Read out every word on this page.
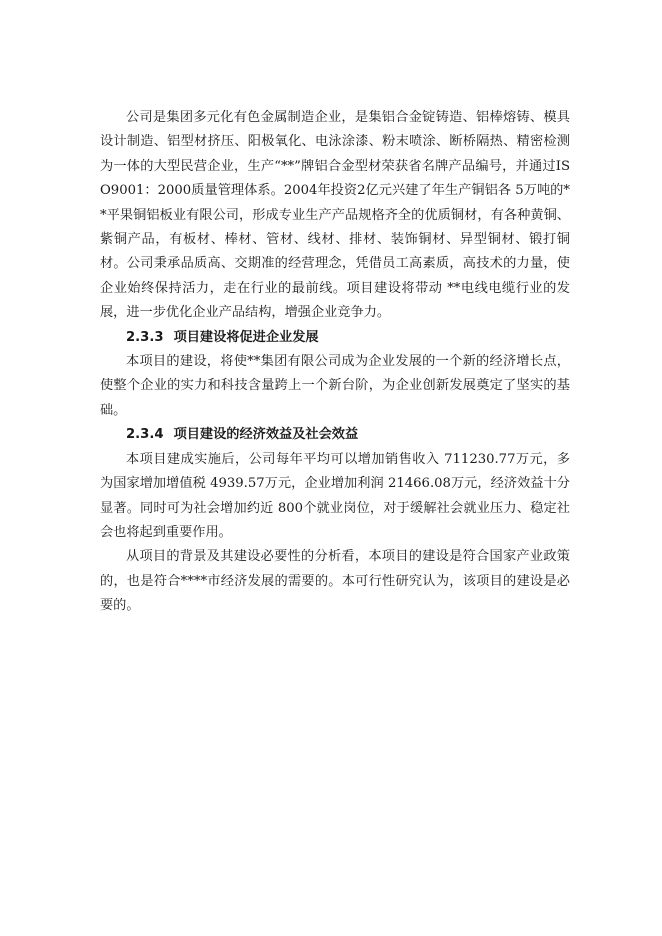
公司是集团多元化有色金属制造企业，是集铝合金锭铸造、铝棒熔铸、模具设计制造、铝型材挤压、阳极氧化、电泳涂漆、粉末喷涂、断桥隔热、精密检测为一体的大型民营企业，生产“**”牌铝合金型材荣获省名牌产品编号，并通过ISO9001：2000质量管理体系。2004年投资2亿元兴建了年生产铜铝各 5万吨的**平果铜铝板业有限公司，形成专业生产产品规格齐全的优质铜材，有各种黄铜、紫铜产品，有板材、棒材、管材、线材、排材、装饰铜材、异型铜材、锻打铜材。公司秉承品质高、交期准的经营理念，凭借员工高素质，高技术的力量，使企业始终保持活力，走在行业的最前线。项目建设将带动 **电线电缆行业的发展，进一步优化企业产品结构，增强企业竞争力。

2.3.3 项目建设将促进企业发展

本项目的建设，将使**集团有限公司成为企业发展的一个新的经济增长点，使整个企业的实力和科技含量跨上一个新台阶，为企业创新发展奠定了坚实的基础。

2.3.4 项目建设的经济效益及社会效益

本项目建成实施后，公司每年平均可以增加销售收入 711230.77万元，多为国家增加增值税 4939.57万元，企业增加利润 21466.08万元，经济效益十分显著。同时可为社会增加约近 800个就业岗位，对于缓解社会就业压力、稳定社会也将起到重要作用。

从项目的背景及其建设必要性的分析看，本项目的建设是符合国家产业政策的，也是符合****市经济发展的需要的。本可行性研究认为，该项目的建设是必要的。
